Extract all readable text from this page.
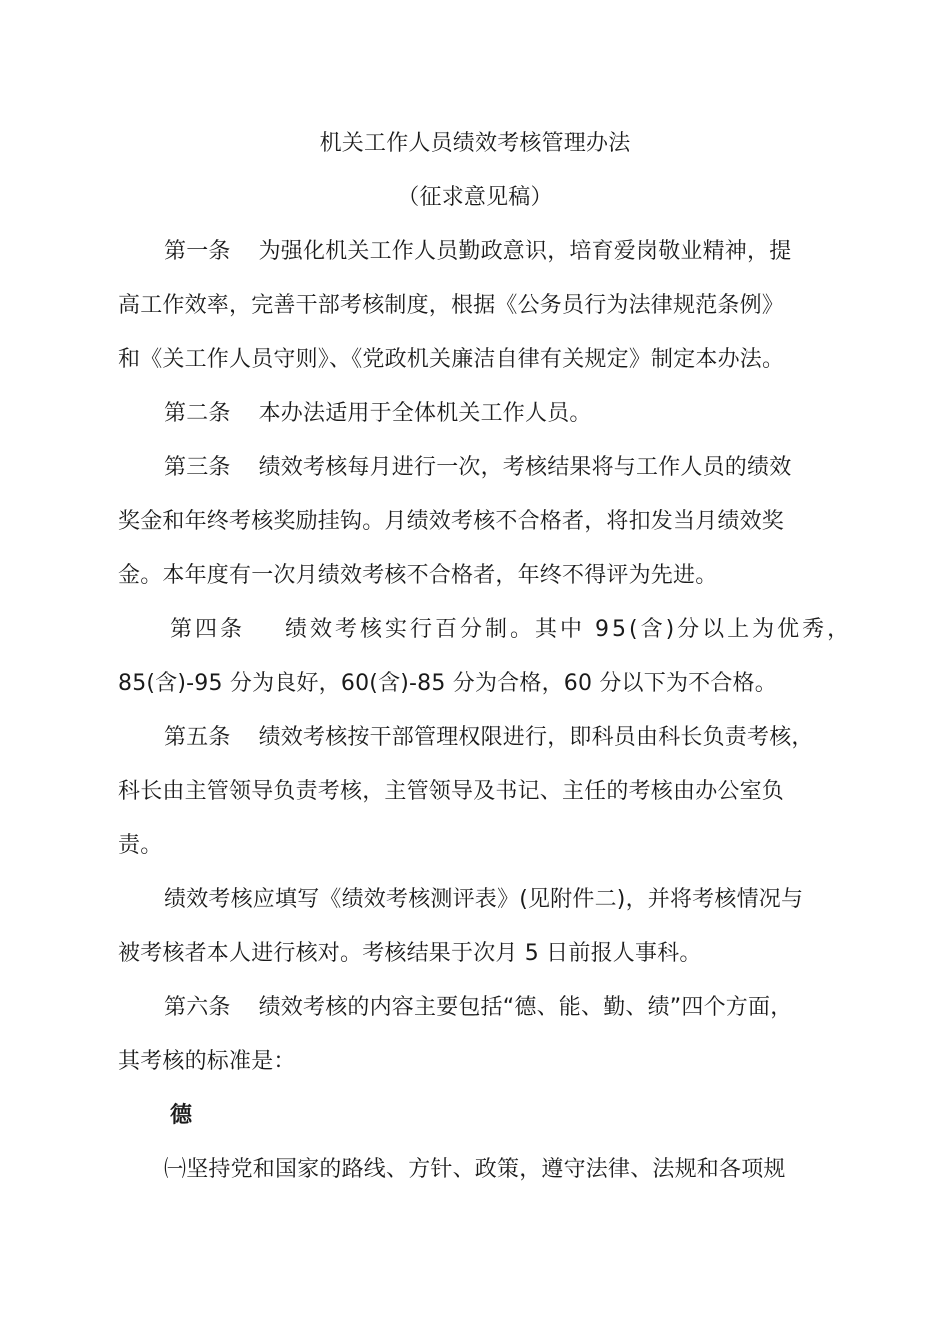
机关工作人员绩效考核管理办法
（征求意见稿）
第一条 为强化机关工作人员勤政意识，培育爱岗敬业精神，提
高工作效率，完善干部考核制度，根据《公务员行为法律规范条例》
和《关工作人员守则》、《党政机关廉洁自律有关规定》制定本办法。
第二条 本办法适用于全体机关工作人员。
第三条 绩效考核每月进行一次，考核结果将与工作人员的绩效
奖金和年终考核奖励挂钩。月绩效考核不合格者，将扣发当月绩效奖
金。本年度有一次月绩效考核不合格者，年终不得评为先进。
第四条 绩效考核实行百分制。其中 95(含)分以上为优秀，
85(含)-95 分为良好，60(含)-85 分为合格，60 分以下为不合格。
第五条 绩效考核按干部管理权限进行，即科员由科长负责考核，
科长由主管领导负责考核，主管领导及书记、主任的考核由办公室负
责。
绩效考核应填写《绩效考核测评表》(见附件二)，并将考核情况与
被考核者本人进行核对。考核结果于次月 5 日前报人事科。
第六条 绩效考核的内容主要包括“德、能、勤、绩”四个方面，
其考核的标准是：
德
㈠坚持党和国家的路线、方针、政策，遵守法律、法规和各项规
